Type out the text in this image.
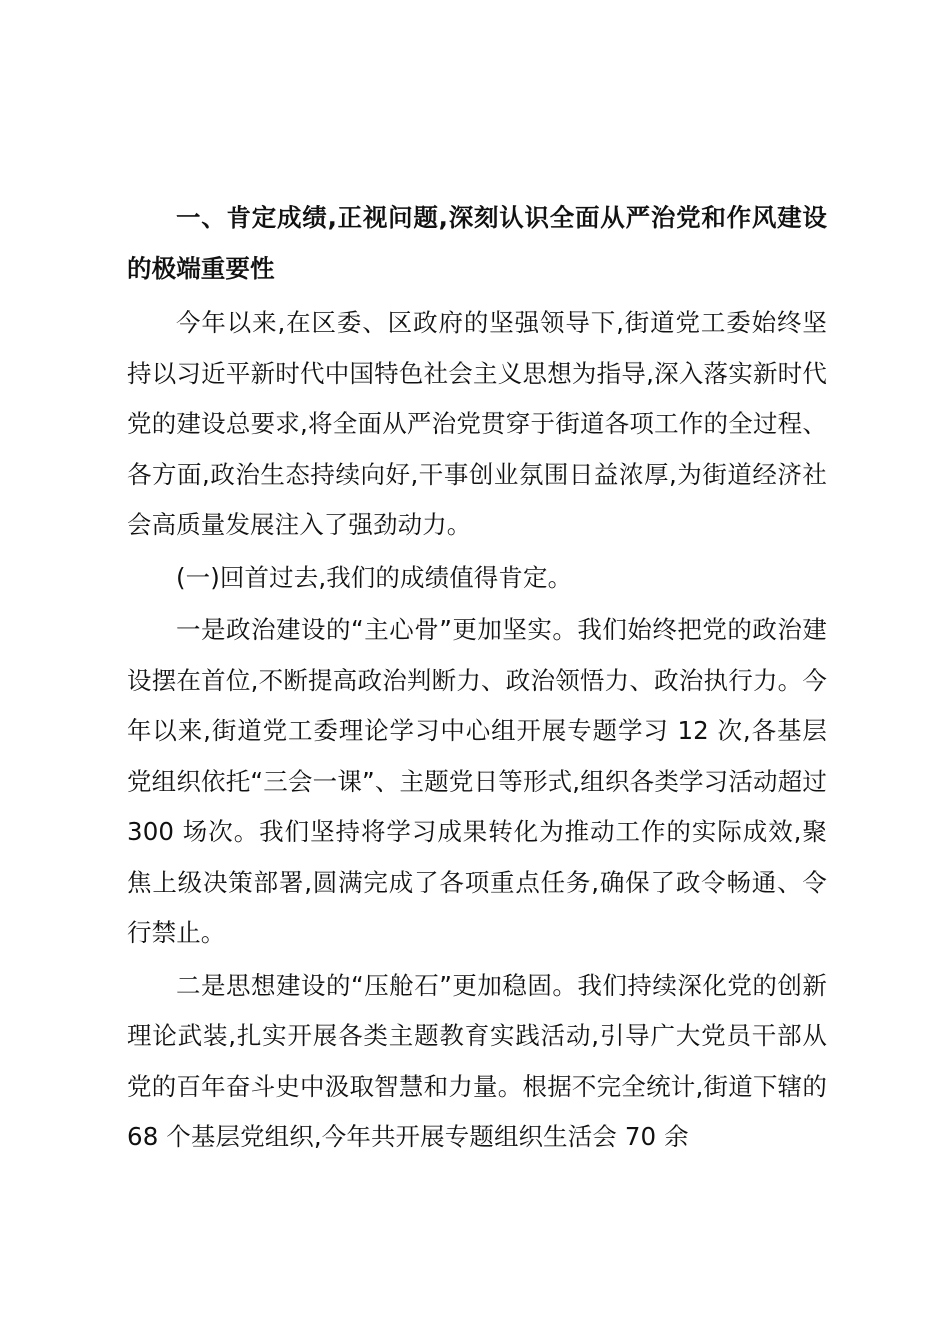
一、肯定成绩,正视问题,深刻认识全面从严治党和作风建设的极端重要性

今年以来,在区委、区政府的坚强领导下,街道党工委始终坚持以习近平新时代中国特色社会主义思想为指导,深入落实新时代党的建设总要求,将全面从严治党贯穿于街道各项工作的全过程、各方面,政治生态持续向好,干事创业氛围日益浓厚,为街道经济社会高质量发展注入了强劲动力。

(一)回首过去,我们的成绩值得肯定。

一是政治建设的“主心骨”更加坚实。我们始终把党的政治建设摆在首位,不断提高政治判断力、政治领悟力、政治执行力。今年以来,街道党工委理论学习中心组开展专题学习 12 次,各基层党组织依托“三会一课”、主题党日等形式,组织各类学习活动超过 300 场次。我们坚持将学习成果转化为推动工作的实际成效,聚焦上级决策部署,圆满完成了各项重点任务,确保了政令畅通、令行禁止。

二是思想建设的“压舱石”更加稳固。我们持续深化党的创新理论武装,扎实开展各类主题教育实践活动,引导广大党员干部从党的百年奋斗史中汲取智慧和力量。根据不完全统计,街道下辖的 68 个基层党组织,今年共开展专题组织生活会 70 余
